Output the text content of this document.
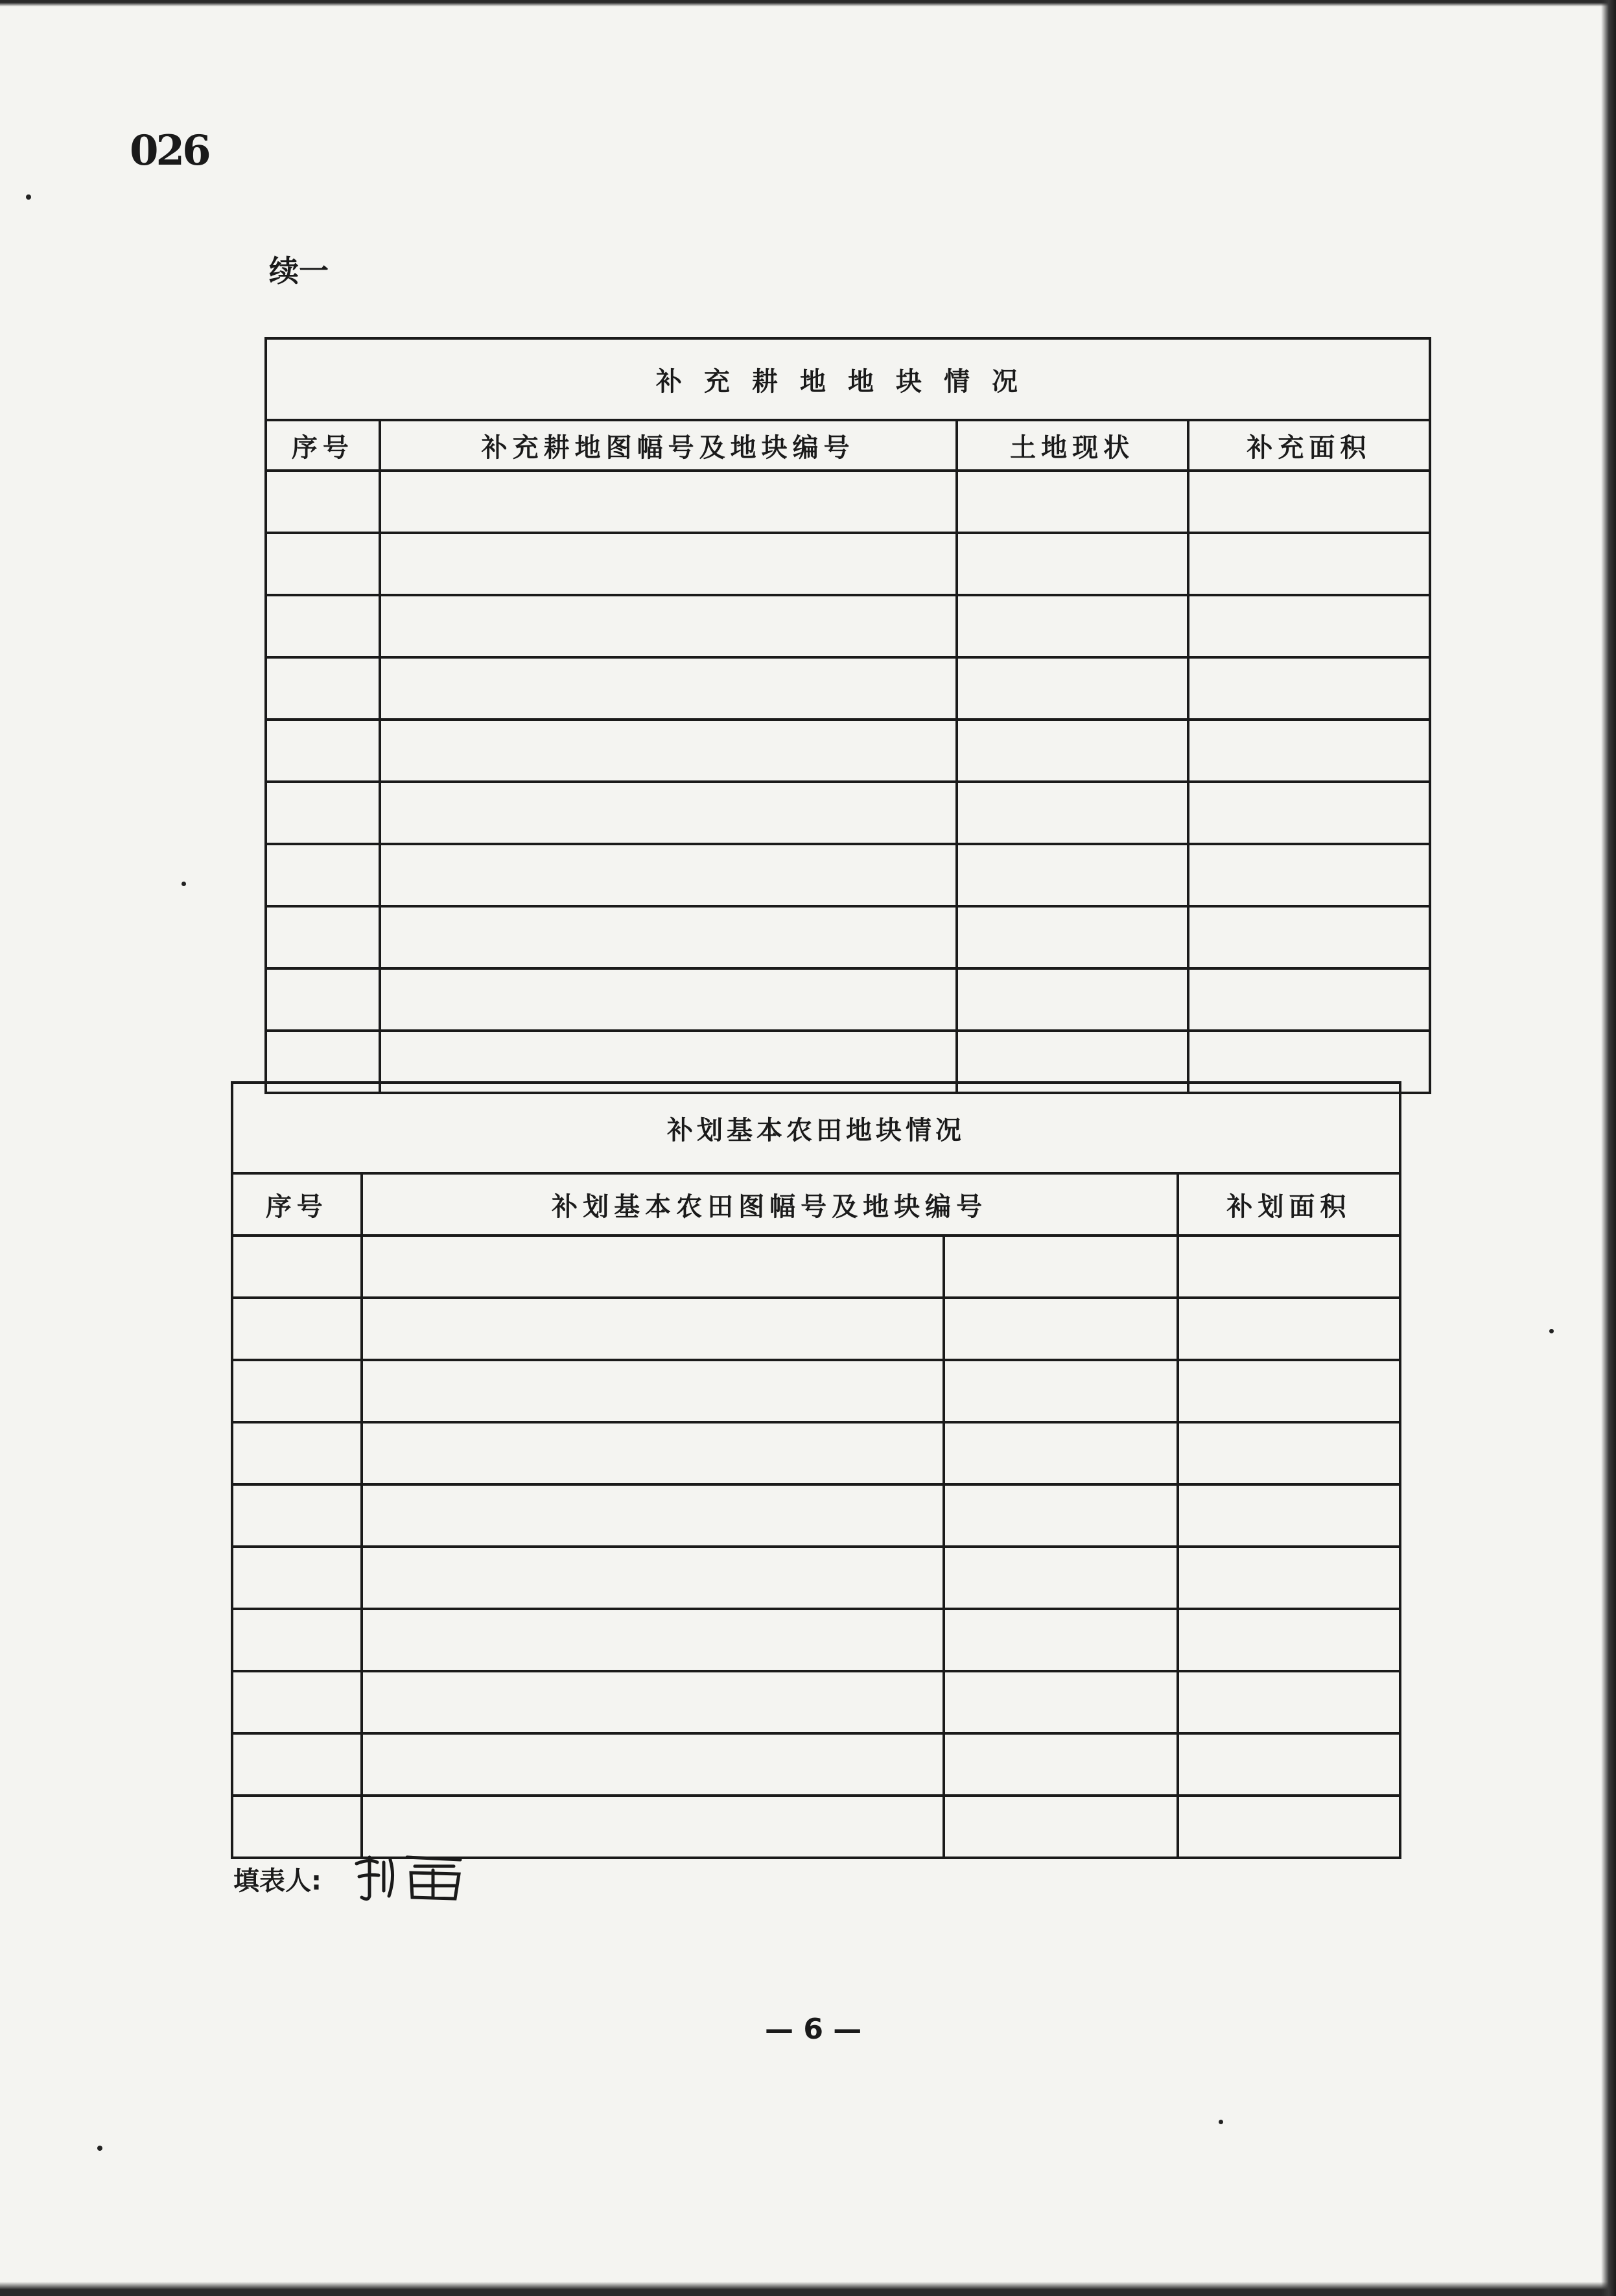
026
续一
补充耕地地块情况			
序号	补充耕地图幅号及地块编号	土地现状	补充面积

补划基本农田地块情况			
序号	补划基本农田图幅号及地块编号		补划面积

填表人:
— 6 —
